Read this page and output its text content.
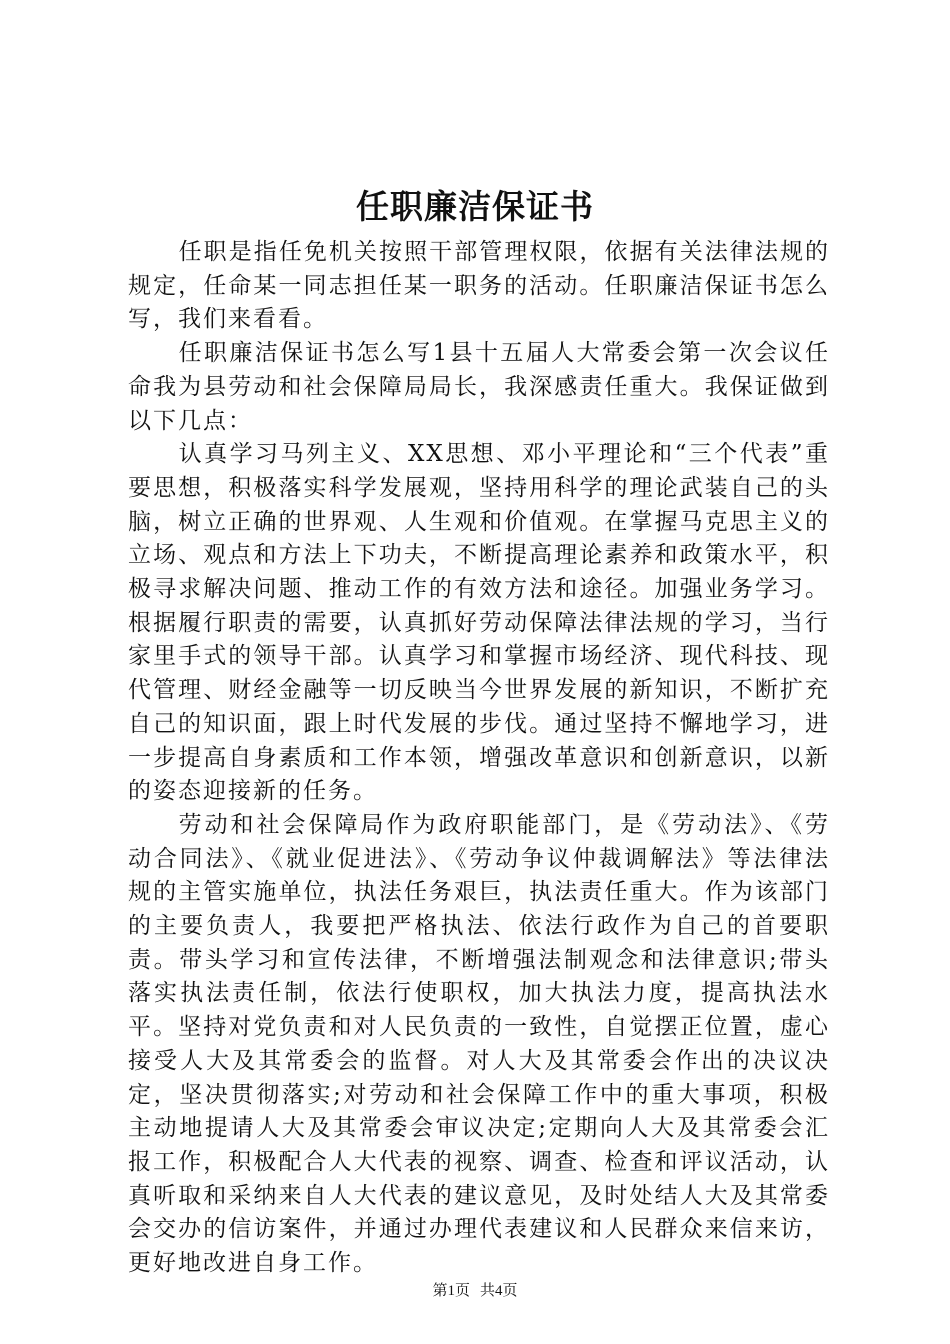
任职廉洁保证书

任职是指任免机关按照干部管理权限，依据有关法律法规的规定，任命某一同志担任某一职务的活动。任职廉洁保证书怎么写，我们来看看。

任职廉洁保证书怎么写1县十五届人大常委会第一次会议任命我为县劳动和社会保障局局长，我深感责任重大。我保证做到以下几点：

认真学习马列主义、XX思想、邓小平理论和“三个代表”重要思想，积极落实科学发展观，坚持用科学的理论武装自己的头脑，树立正确的世界观、人生观和价值观。在掌握马克思主义的立场、观点和方法上下功夫，不断提高理论素养和政策水平，积极寻求解决问题、推动工作的有效方法和途径。加强业务学习。根据履行职责的需要，认真抓好劳动保障法律法规的学习，当行家里手式的领导干部。认真学习和掌握市场经济、现代科技、现代管理、财经金融等一切反映当今世界发展的新知识，不断扩充自己的知识面，跟上时代发展的步伐。通过坚持不懈地学习，进一步提高自身素质和工作本领，增强改革意识和创新意识，以新的姿态迎接新的任务。

劳动和社会保障局作为政府职能部门，是《劳动法》、《劳动合同法》、《就业促进法》、《劳动争议仲裁调解法》等法律法规的主管实施单位，执法任务艰巨，执法责任重大。作为该部门的主要负责人，我要把严格执法、依法行政作为自己的首要职责。带头学习和宣传法律，不断增强法制观念和法律意识;带头落实执法责任制，依法行使职权，加大执法力度，提高执法水平。坚持对党负责和对人民负责的一致性，自觉摆正位置，虚心接受人大及其常委会的监督。对人大及其常委会作出的决议决定，坚决贯彻落实;对劳动和社会保障工作中的重大事项，积极主动地提请人大及其常委会审议决定;定期向人大及其常委会汇报工作，积极配合人大代表的视察、调查、检查和评议活动，认真听取和采纳来自人大代表的建议意见，及时处结人大及其常委会交办的信访案件，并通过办理代表建议和人民群众来信来访，更好地改进自身工作。

第1页 共4页
